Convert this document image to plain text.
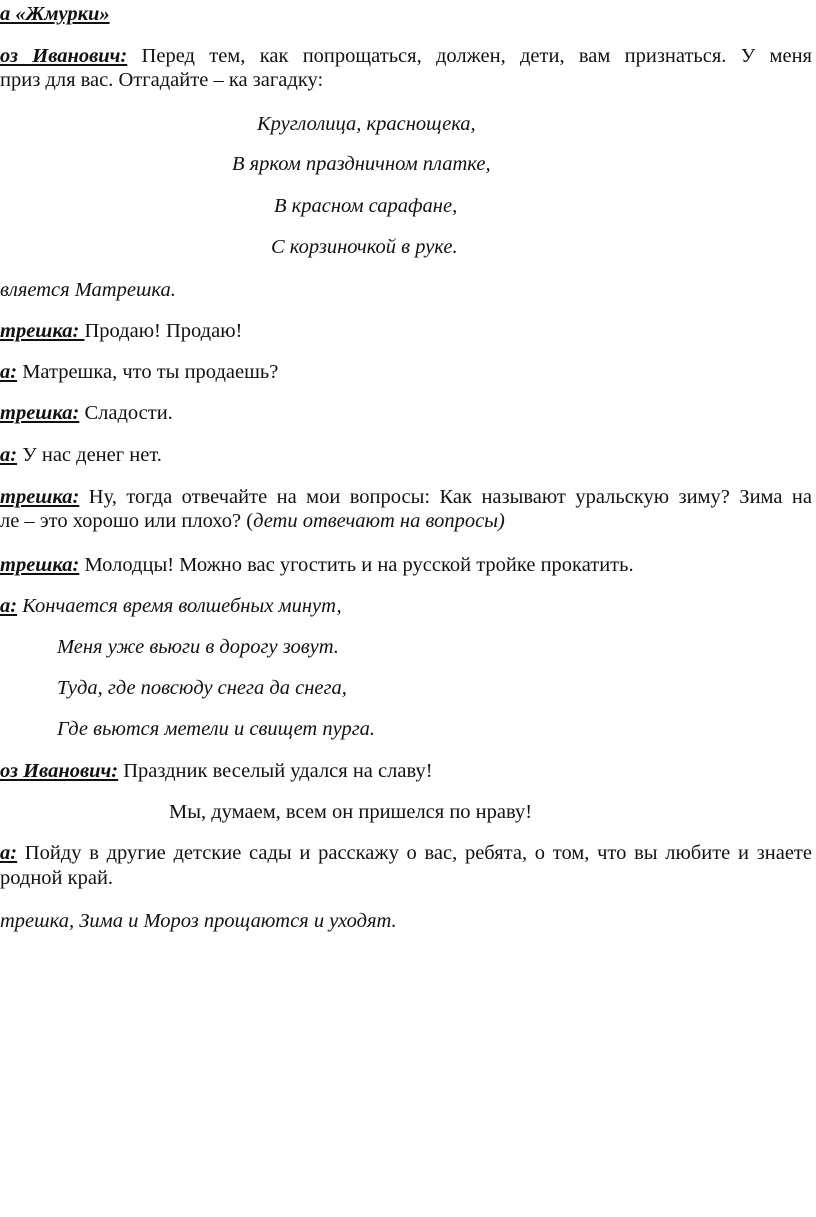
а «Жмурки»
оз Иванович: Перед тем, как попрощаться, должен, дети, вам признаться. У меня
приз для вас. Отгадайте – ка загадку:
Круглолица, краснощека,
В ярком праздничном платке,
В красном сарафане,
С корзиночкой в руке.
вляется Матрешка.
трешка: Продаю! Продаю!
а: Матрешка, что ты продаешь?
трешка: Сладости.
а: У нас денег нет.
трешка: Ну, тогда отвечайте на мои вопросы: Как называют уральскую зиму? Зима на
ле – это хорошо или плохо? (дети отвечают на вопросы)
трешка: Молодцы! Можно вас угостить и на русской тройке прокатить.
а: Кончается время волшебных минут,
Меня уже вьюги в дорогу зовут.
Туда, где повсюду снега да снега,
Где вьются метели и свищет пурга.
оз Иванович: Праздник веселый удался на славу!
Мы, думаем, всем он пришелся по нраву!
а: Пойду в другие детские сады и расскажу о вас, ребята, о том, что вы любите и знаете
родной край.
трешка, Зима и Мороз прощаются и уходят.
